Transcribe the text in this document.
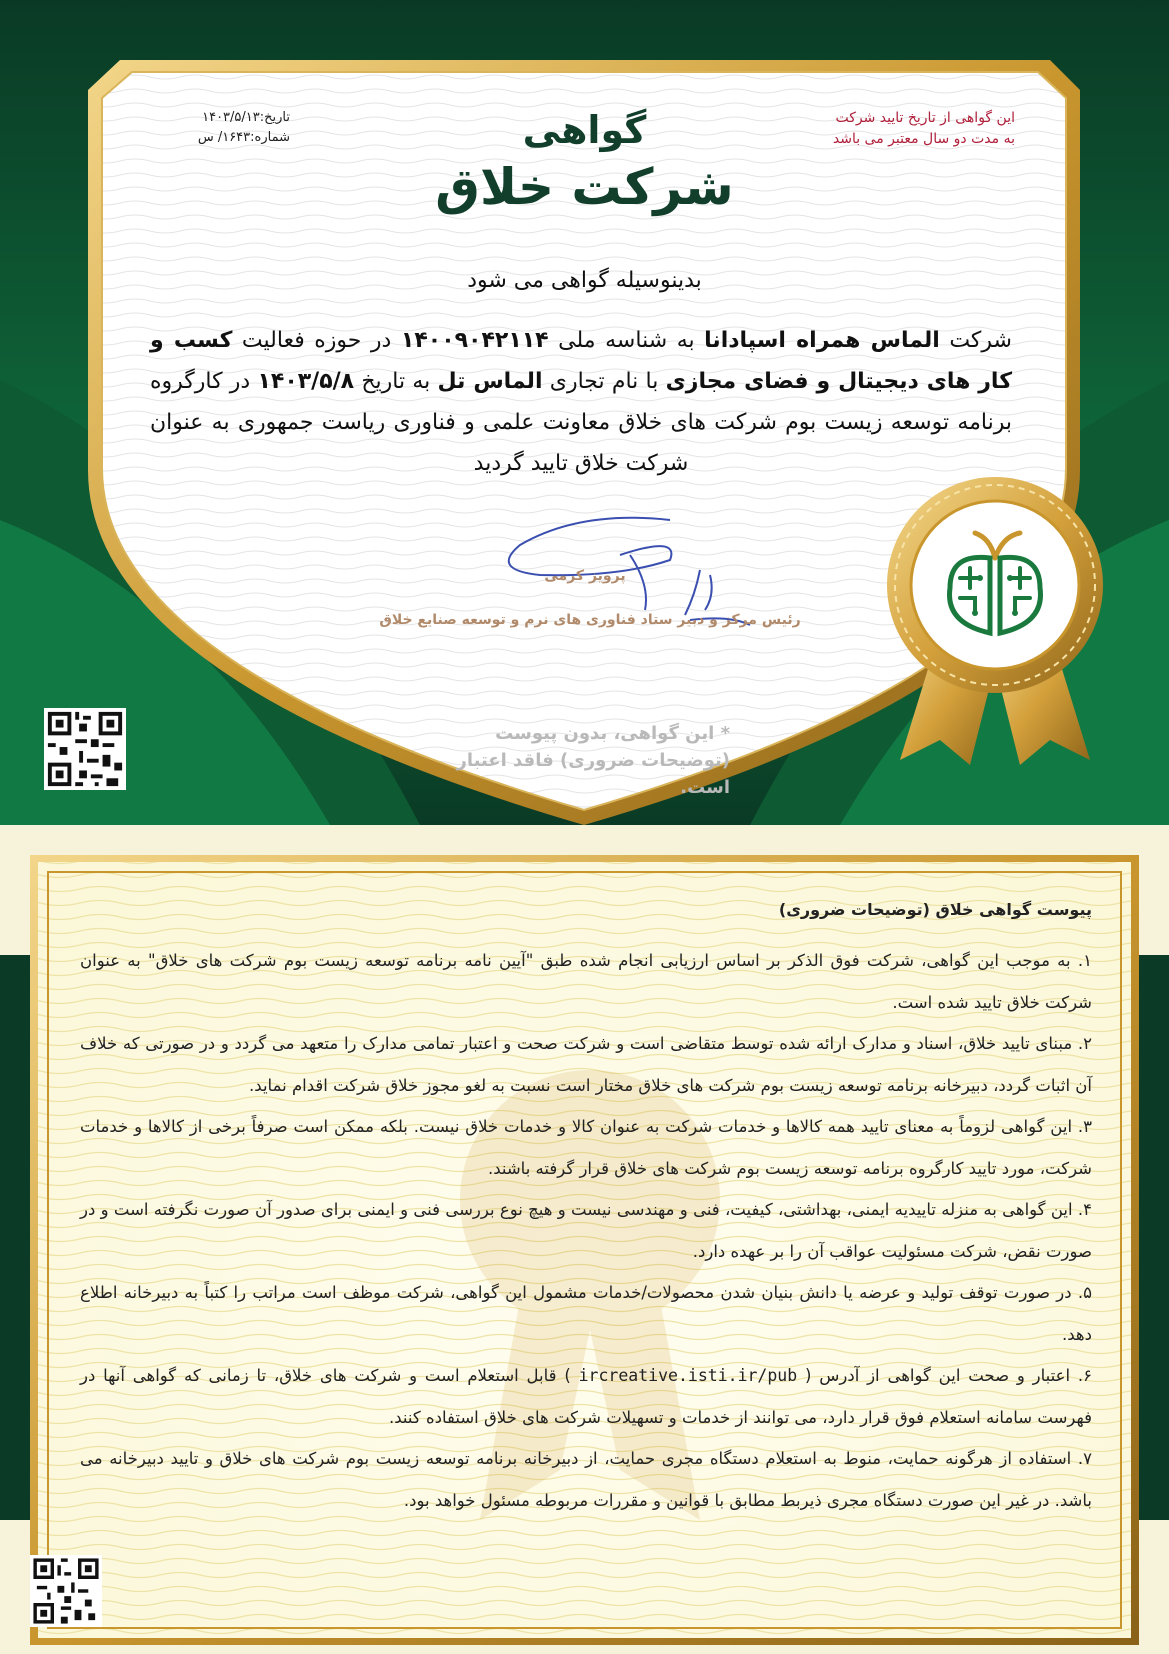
این گواهی از تاریخ تایید شرکت
به مدت دو سال معتبر می باشد
تاریخ:۱۴۰۳/۵/۱۳
شماره:۱۶۴۳/ س	گواهی
شرکت خلاق
بدینوسیله گواهی می شود
شرکت الماس همراه اسپادانا به شناسه ملی ۱۴۰۰۹۰۴۲۱۱۴ در حوزه فعالیت کسب و کار های دیجیتال و فضای مجازی با نام تجاری الماس تل به تاریخ ۱۴۰۳/۵/۸ در کارگروه برنامه توسعه زیست بوم شرکت های خلاق معاونت علمی و فناوری ریاست جمهوری به عنوان شرکت خلاق تایید گردید
پرویز کرمی
رئیس مرکز و دبیر ستاد فناوری های نرم و توسعه صنایع خلاق
* این گواهی، بدون پیوست
(توضیحات ضروری) فاقد اعتبار است.
پیوست گواهی خلاق (توضیحات ضروری)

۱. به موجب این گواهی، شرکت فوق الذکر بر اساس ارزیابی انجام شده طبق "آیین نامه برنامه توسعه زیست بوم شرکت های خلاق" به عنوان شرکت خلاق تایید شده است.

۲. مبنای تایید خلاق، اسناد و مدارک ارائه شده توسط متقاضی است و شرکت صحت و اعتبار تمامی مدارک را متعهد می گردد و در صورتی که خلاف آن اثبات گردد، دبیرخانه برنامه توسعه زیست بوم شرکت های خلاق مختار است نسبت به لغو مجوز خلاق شرکت اقدام نماید.

۳. این گواهی لزوماً به معنای تایید همه کالاها و خدمات شرکت به عنوان کالا و خدمات خلاق نیست. بلکه ممکن است صرفاً برخی از کالاها و خدمات شرکت، مورد تایید کارگروه برنامه توسعه زیست بوم شرکت های خلاق قرار گرفته باشند.

۴. این گواهی به منزله تاییدیه ایمنی، بهداشتی، کیفیت، فنی و مهندسی نیست و هیچ نوع بررسی فنی و ایمنی برای صدور آن صورت نگرفته است و در صورت نقض، شرکت مسئولیت عواقب آن را بر عهده دارد.

۵. در صورت توقف تولید و عرضه یا دانش بنیان شدن محصولات/خدمات مشمول این گواهی، شرکت موظف است مراتب را کتباً به دبیرخانه اطلاع دهد.

۶. اعتبار و صحت این گواهی از آدرس ( ircreative.isti.ir/pub ) قابل استعلام است و شرکت های خلاق، تا زمانی که گواهی آنها در فهرست سامانه استعلام فوق قرار دارد، می توانند از خدمات و تسهیلات شرکت های خلاق استفاده کنند.

۷. استفاده از هرگونه حمایت، منوط به استعلام دستگاه مجری حمایت، از دبیرخانه برنامه توسعه زیست بوم شرکت های خلاق و تایید دبیرخانه می باشد. در غیر این صورت دستگاه مجری ذیربط مطابق با قوانین و مقررات مربوطه مسئول خواهد بود.
